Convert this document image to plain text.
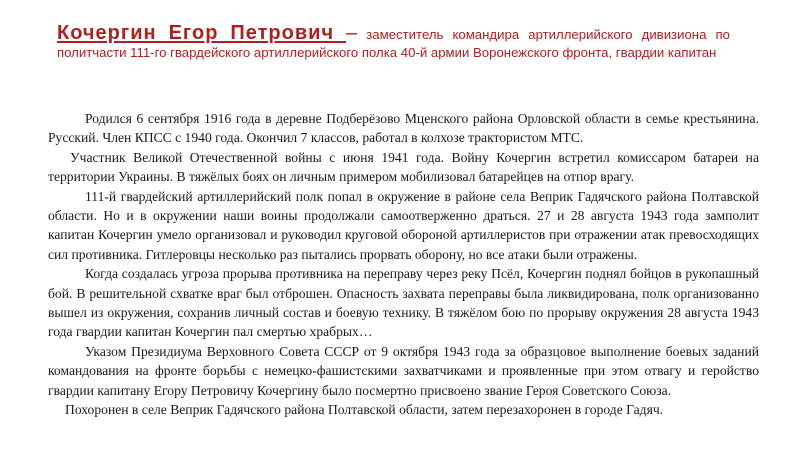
Кочергин Егор Петрович – заместитель командира артиллерийского дивизиона по политчасти 111-го гвардейского артиллерийского полка 40-й армии Воронежского фронта, гвардии капитан

Родился 6 сентября 1916 года в деревне Подберёзово Мценского района Орловской области в семье крестьянина. Русский. Член КПСС с 1940 года. Окончил 7 классов, работал в колхозе трактористом МТС.

Участник Великой Отечественной войны с июня 1941 года. Войну Кочергин встретил комиссаром батареи на территории Украины. В тяжёлых боях он личным примером мобилизовал батарейцев на отпор врагу.

111-й гвардейский артиллерийский полк попал в окружение в районе села Веприк Гадячского района Полтавской области. Но и в окружении наши воины продолжали самоотверженно драться. 27 и 28 августа 1943 года замполит капитан Кочергин умело организовал и руководил круговой обороной артиллеристов при отражении атак превосходящих сил противника. Гитлеровцы несколько раз пытались прорвать оборону, но все атаки были отражены.

Когда создалась угроза прорыва противника на переправу через реку Псёл, Кочергин поднял бойцов в рукопашный бой. В решительной схватке враг был отброшен. Опасность захвата переправы была ликвидирована, полк организованно вышел из окружения, сохранив личный состав и боевую технику. В тяжёлом бою по прорыву окружения 28 августа 1943 года гвардии капитан Кочергин пал смертью храбрых…

Указом Президиума Верховного Совета СССР от 9 октября 1943 года за образцовое выполнение боевых заданий командования на фронте борьбы с немецко-фашистскими захватчиками и проявленные при этом отвагу и геройство гвардии капитану Егору Петровичу Кочергину было посмертно присвоено звание Героя Советского Союза.

Похоронен в селе Веприк Гадячского района Полтавской области, затем перезахоронен в городе Гадяч.
